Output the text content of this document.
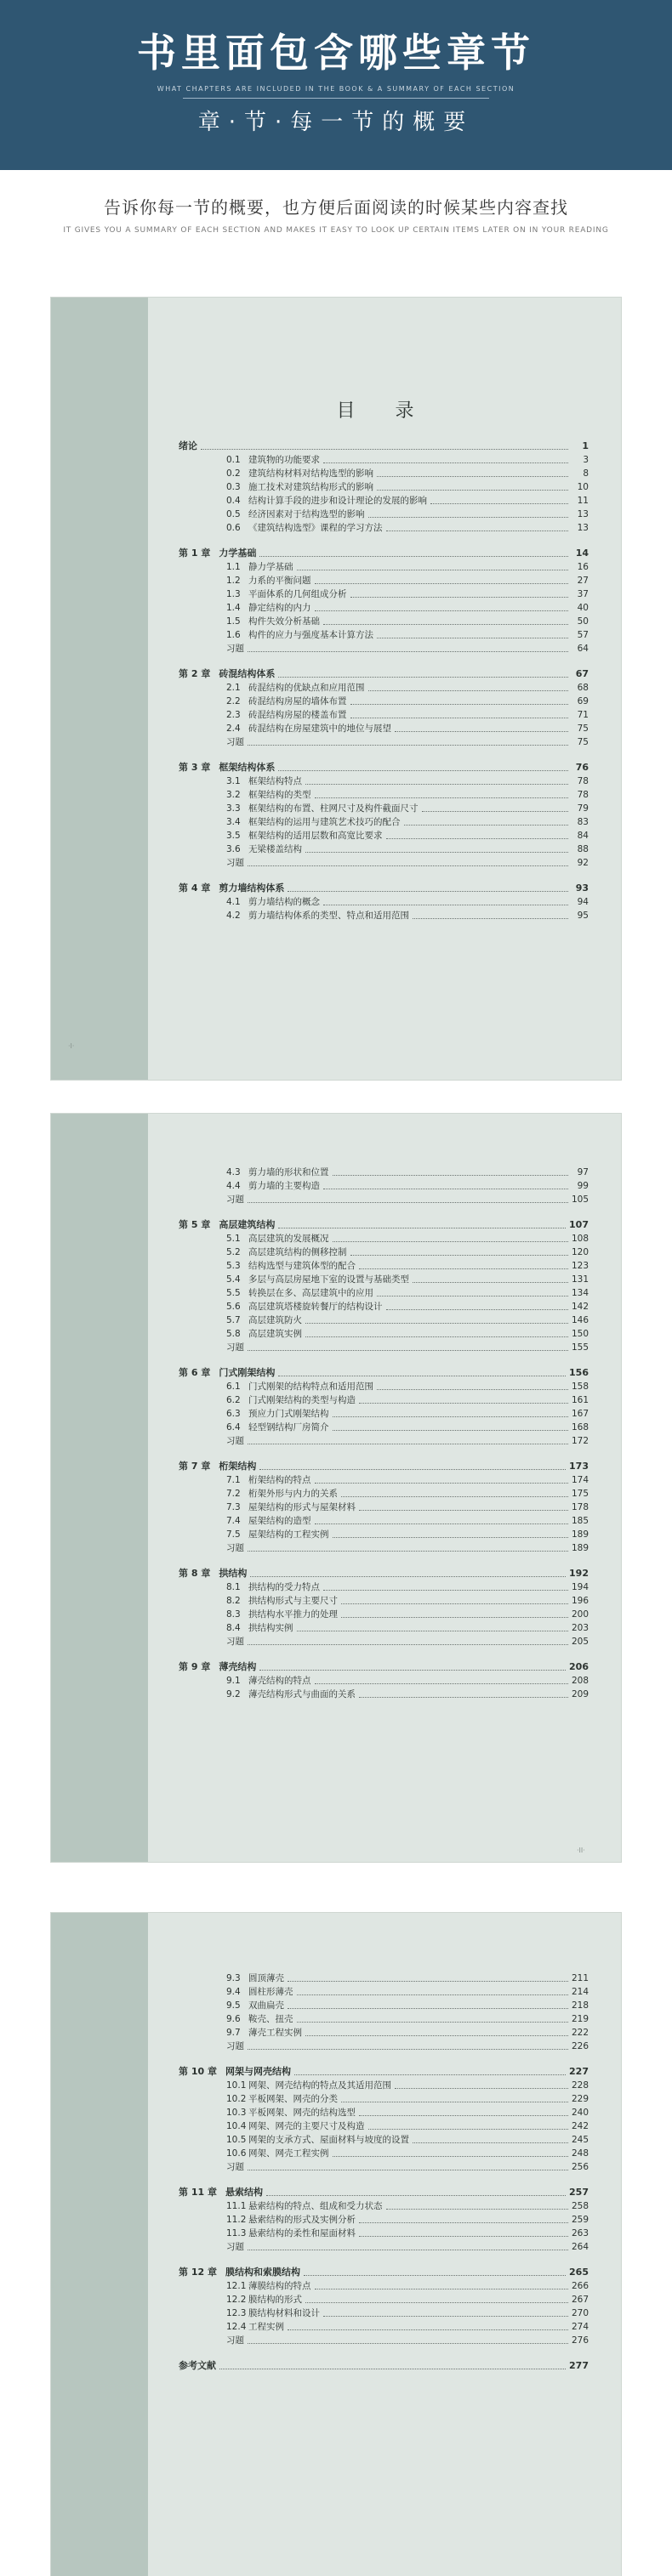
书里面包含哪些章节
WHAT CHAPTERS ARE INCLUDED IN THE BOOK & A SUMMARY OF EACH SECTION
章·节·每一节的概要
告诉你每一节的概要，也方便后面阅读的时候某些内容查找
IT GIVES YOU A SUMMARY OF EACH SECTION AND MAKES IT EASY TO LOOK UP CERTAIN ITEMS LATER ON IN YOUR READING
目 录
绪论	1
0.1 建筑物的功能要求	3
0.2 建筑结构材料对结构选型的影响	8
0.3 施工技术对建筑结构形式的影响	10
0.4 结构计算手段的进步和设计理论的发展的影响	11
0.5 经济因素对于结构选型的影响	13
0.6 《建筑结构选型》课程的学习方法	13
第 1 章 力学基础	14
1.1 静力学基础	16
1.2 力系的平衡问题	27
1.3 平面体系的几何组成分析	37
1.4 静定结构的内力	40
1.5 构件失效分析基础	50
1.6 构件的应力与强度基本计算方法	57
习题	64
第 2 章 砖混结构体系	67
2.1 砖混结构的优缺点和应用范围	68
2.2 砖混结构房屋的墙体布置	69
2.3 砖混结构房屋的楼盖布置	71
2.4 砖混结构在房屋建筑中的地位与展望	75
习题	75
第 3 章 框架结构体系	76
3.1 框架结构特点	78
3.2 框架结构的类型	78
3.3 框架结构的布置、柱网尺寸及构件截面尺寸	79
3.4 框架结构的运用与建筑艺术技巧的配合	83
3.5 框架结构的适用层数和高宽比要求	84
3.6 无梁楼盖结构	88
习题	92
第 4 章 剪力墙结构体系	93
4.1 剪力墙结构的概念	94
4.2 剪力墙结构体系的类型、特点和适用范围	95
·I·
4.3 剪力墙的形状和位置	97
4.4 剪力墙的主要构造	99
习题	105
第 5 章 高层建筑结构	107
5.1 高层建筑的发展概况	108
5.2 高层建筑结构的侧移控制	120
5.3 结构选型与建筑体型的配合	123
5.4 多层与高层房屋地下室的设置与基础类型	131
5.5 转换层在多、高层建筑中的应用	134
5.6 高层建筑塔楼旋转餐厅的结构设计	142
5.7 高层建筑防火	146
5.8 高层建筑实例	150
习题	155
第 6 章 门式刚架结构	156
6.1 门式刚架的结构特点和适用范围	158
6.2 门式刚架结构的类型与构造	161
6.3 预应力门式刚架结构	167
6.4 轻型钢结构厂房简介	168
习题	172
第 7 章 桁架结构	173
7.1 桁架结构的特点	174
7.2 桁架外形与内力的关系	175
7.3 屋架结构的形式与屋架材料	178
7.4 屋架结构的造型	185
7.5 屋架结构的工程实例	189
习题	189
第 8 章 拱结构	192
8.1 拱结构的受力特点	194
8.2 拱结构形式与主要尺寸	196
8.3 拱结构水平推力的处理	200
8.4 拱结构实例	203
习题	205
第 9 章 薄壳结构	206
9.1 薄壳结构的特点	208
9.2 薄壳结构形式与曲面的关系	209
·II·
9.3 圆顶薄壳	211
9.4 圆柱形薄壳	214
9.5 双曲扁壳	218
9.6 鞍壳、扭壳	219
9.7 薄壳工程实例	222
习题	226
第 10 章 网架与网壳结构	227
10.1 网架、网壳结构的特点及其适用范围	228
10.2 平板网架、网壳的分类	229
10.3 平板网架、网壳的结构选型	240
10.4 网架、网壳的主要尺寸及构造	242
10.5 网架的支承方式、屋面材料与坡度的设置	245
10.6 网架、网壳工程实例	248
习题	256
第 11 章 悬索结构	257
11.1 悬索结构的特点、组成和受力状态	258
11.2 悬索结构的形式及实例分析	259
11.3 悬索结构的柔性和屋面材料	263
习题	264
第 12 章 膜结构和索膜结构	265
12.1 薄膜结构的特点	266
12.2 膜结构的形式	267
12.3 膜结构材料和设计	270
12.4 工程实例	274
习题	276
参考文献	277
